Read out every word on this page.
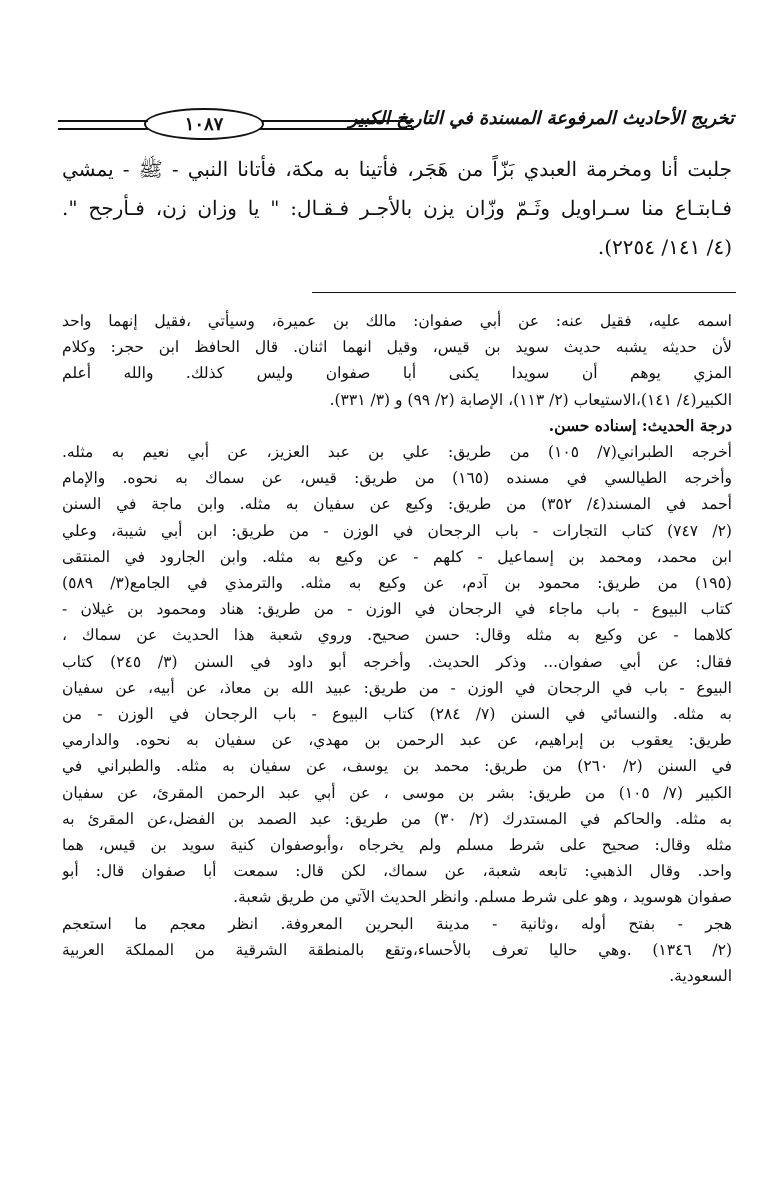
تخريج الأحاديث المرفوعة المسندة في التاريخ الكبير
١٠٨٧
جلبت أنا ومخرمة العبدي بَزّاً من هَجَر، فأتينا به مكة، فأتانا النبي - ﷺ - يمشي
فـابتـاع منا سـراويل وثَـمّ وزّان يزن بالأجـر فـقـال: " يا وزان زن، فـأرجح ".
(٤/ ١٤١/ ٢٢٥٤).
اسمه عليه، فقيل عنه: عن أبي صفوان: مالك بن عميرة، وسيأتي ،فقيل إنهما واحد
لأن حديثه يشبه حديث سويد بن قيس، وقيل انهما اثنان. قال الحافظ ابن حجر: وكلام
المزي يوهم أن سويدا يكنى أبا صفوان وليس كذلك. والله أعلم
الكبير(٤/ ١٤١)،الاستيعاب (٢/ ١١٣)، الإصابة (٢/ ٩٩) و (٣/ ٣٣١).
درجة الحديث: إسناده حسن.
أخرجه الطبراني(٧/ ١٠٥) من طريق: علي بن عبد العزيز، عن أبي نعيم به مثله.
وأخرجه الطيالسي في مسنده (١٦٥) من طريق: قيس، عن سماك به نحوه. والإمام
أحمد في المسند(٤/ ٣٥٢) من طريق: وكيع عن سفيان به مثله. وابن ماجة في السنن
(٢/ ٧٤٧) كتاب التجارات - باب الرجحان في الوزن - من طريق: ابن أبي شيبة، وعلي
ابن محمد، ومحمد بن إسماعيل - كلهم - عن وكيع به مثله. وابن الجارود في المنتقى
(١٩٥) من طريق: محمود بن آدم، عن وكيع به مثله. والترمذي في الجامع(٣/ ٥٨٩)
كتاب البيوع - باب ماجاء في الرجحان في الوزن - من طريق: هناد ومحمود بن غيلان -
كلاهما - عن وكيع به مثله وقال: حسن صحيح. وروي شعبة هذا الحديث عن سماك ،
فقال: عن أبي صفوان... وذكر الحديث. وأخرجه أبو داود في السنن (٣/ ٢٤٥) كتاب
البيوع - باب في الرجحان في الوزن - من طريق: عبيد الله بن معاذ، عن أبيه، عن سفيان
به مثله. والنسائي في السنن (٧/ ٢٨٤) كتاب البيوع - باب الرجحان في الوزن - من
طريق: يعقوب بن إبراهيم، عن عبد الرحمن بن مهدي، عن سفيان به نحوه. والدارمي
في السنن (٢/ ٢٦٠) من طريق: محمد بن يوسف، عن سفيان به مثله. والطبراني في
الكبير (٧/ ١٠٥) من طريق: بشر بن موسى ، عن أبي عبد الرحمن المقرئ، عن سفيان
به مثله. والحاكم في المستدرك (٢/ ٣٠) من طريق: عبد الصمد بن الفضل،عن المقرئ به
مثله وقال: صحيح على شرط مسلم ولم يخرجاه ،وأبوصفوان كنية سويد بن قيس، هما
واحد. وقال الذهبي: تابعه شعبة، عن سماك، لكن قال: سمعت أبا صفوان قال: أبو
صفوان هوسويد ، وهو على شرط مسلم. وانظر الحديث الآتي من طريق شعبة.
هجر - بفتح أوله ،وثانية - مدينة البحرين المعروفة. انظر معجم ما استعجم
(٢/ ١٣٤٦) .وهي حاليا تعرف بالأحساء،وتقع بالمنطقة الشرقية من المملكة العربية
السعودية.
